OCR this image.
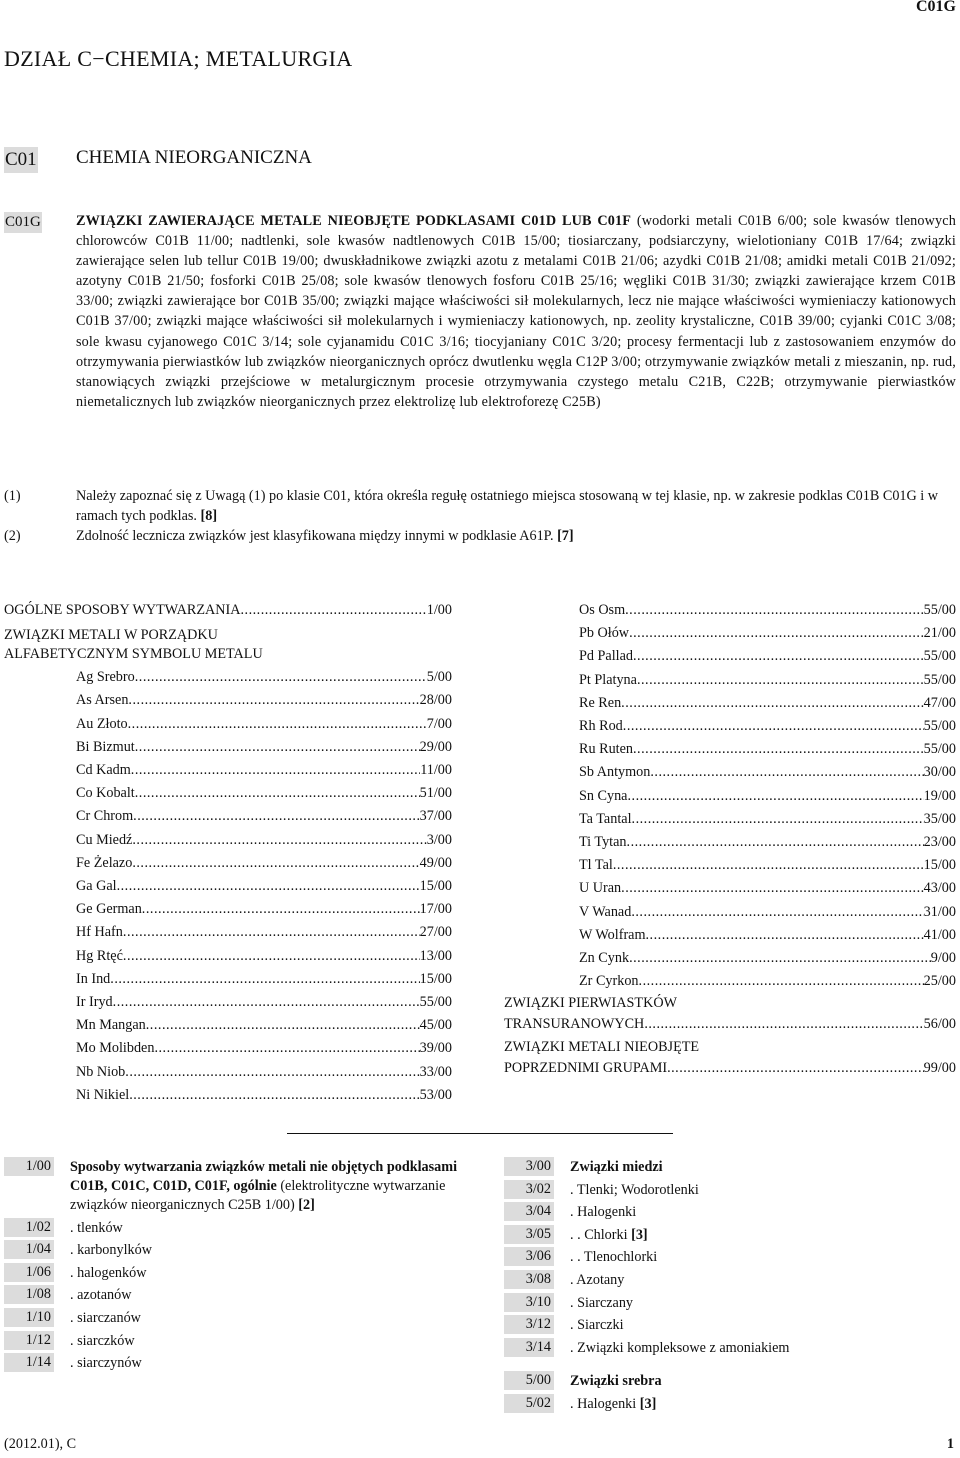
C01G
DZIAŁ C−CHEMIA; METALURGIA
C01 CHEMIA NIEORGANICZNA
C01G ZWIĄZKI ZAWIERAJĄCE METALE NIEOBJĘTE PODKLASAMI C01D LUB C01F (wodorki metali C01B 6/00; sole kwasów tlenowych chlorowców C01B 11/00; nadtlenki, sole kwasów nadtlenowych C01B 15/00; tiosiarczany, podsiarczyny, wielotioniany C01B 17/64; związki zawierające selen lub tellur C01B 19/00; dwuskładnikowe związki azotu z metalami C01B 21/06; azydki C01B 21/08; amidki metali C01B 21/092; azotyny C01B 21/50; fosforki C01B 25/08; sole kwasów tlenowych fosforu C01B 25/16; węgliki C01B 31/30; związki zawierające krzem C01B 33/00; związki zawierające bor C01B 35/00; związki mające właściwości sił molekularnych, lecz nie mające właściwości wymieniaczy kationowych C01B 37/00; związki mające właściwości sił molekularnych i wymieniaczy kationowych, np. zeolity krystaliczne, C01B 39/00; cyjanki C01C 3/08; sole kwasu cyjanowego C01C 3/14; sole cyjanamidu C01C 3/16; tiocyjaniany C01C 3/20; procesy fermentacji lub z zastosowaniem enzymów do otrzymywania pierwiastków lub związków nieorganicznych oprócz dwutlenku węgla C12P 3/00; otrzymywanie związków metali z mieszanin, np. rud, stanowiących związki przejściowe w metalurgicznym procesie otrzymywania czystego metalu C21B, C22B; otrzymywanie pierwiastków niemetalicznych lub związków nieorganicznych przez elektrolizę lub elektroforezę C25B)
(1)	Należy zapoznać się z Uwagą (1) po klasie C01, która określa regułę ostatniego miejsca stosowaną w tej klasie, np. w zakresie podklas C01B C01G i w ramach tych podklas. [8]
(2)	Zdolność lecznicza związków jest klasyfikowana między innymi w podklasie A61P. [7]
OGÓLNE SPOSOBY WYTWARZANIA .....	1/00
ZWIĄZKI METALI W PORZĄDKU
ALFABETYCZNYM SYMBOLU METALU
Ag Srebro .....	5/00
As Arsen .....	28/00
Au Złoto .....	7/00
Bi Bizmut .....	29/00
Cd Kadm .....	11/00
Co Kobalt .....	51/00
Cr Chrom .....	37/00
Cu Miedź .....	3/00
Fe Żelazo .....	49/00
Ga Gal .....	15/00
Ge German .....	17/00
Hf Hafn .....	27/00
Hg Rtęć .....	13/00
In Ind .....	15/00
Ir Iryd .....	55/00
Mn Mangan .....	45/00
Mo Molibden .....	39/00
Nb Niob .....	33/00
Ni Nikiel .....	53/00
Os Osm .....	55/00
Pb Ołów .....	21/00
Pd Pallad .....	55/00
Pt Platyna .....	55/00
Re Ren .....	47/00
Rh Rod .....	55/00
Ru Ruten .....	55/00
Sb Antymon .....	30/00
Sn Cyna .....	19/00
Ta Tantal .....	35/00
Ti Tytan .....	23/00
Tl Tal .....	15/00
U Uran .....	43/00
V Wanad .....	31/00
W Wolfram .....	41/00
Zn Cynk .....	9/00
Zr Cyrkon .....	25/00
ZWIĄZKI PIERWIASTKÓW
TRANSURANOWYCH .....	56/00
ZWIĄZKI METALI NIEOBJĘTE
POPRZEDNIMI GRUPAMI .....	99/00
1/00 Sposoby wytwarzania związków metali nie objętych podklasami C01B, C01C, C01D, C01F, ogólnie (elektrolityczne wytwarzanie związków nieorganicznych C25B 1/00) [2]
1/02 . tlenków
1/04 . karbonylków
1/06 . halogenków
1/08 . azotanów
1/10 . siarczanów
1/12 . siarczków
1/14 . siarczynów
3/00 Związki miedzi
3/02 . Tlenki; Wodorotlenki
3/04 . Halogenki
3/05 . . Chlorki [3]
3/06 . . Tlenochlorki
3/08 . Azotany
3/10 . Siarczany
3/12 . Siarczki
3/14 . Związki kompleksowe z amoniakiem
5/00 Związki srebra
5/02 . Halogenki [3]
(2012.01), C	1
